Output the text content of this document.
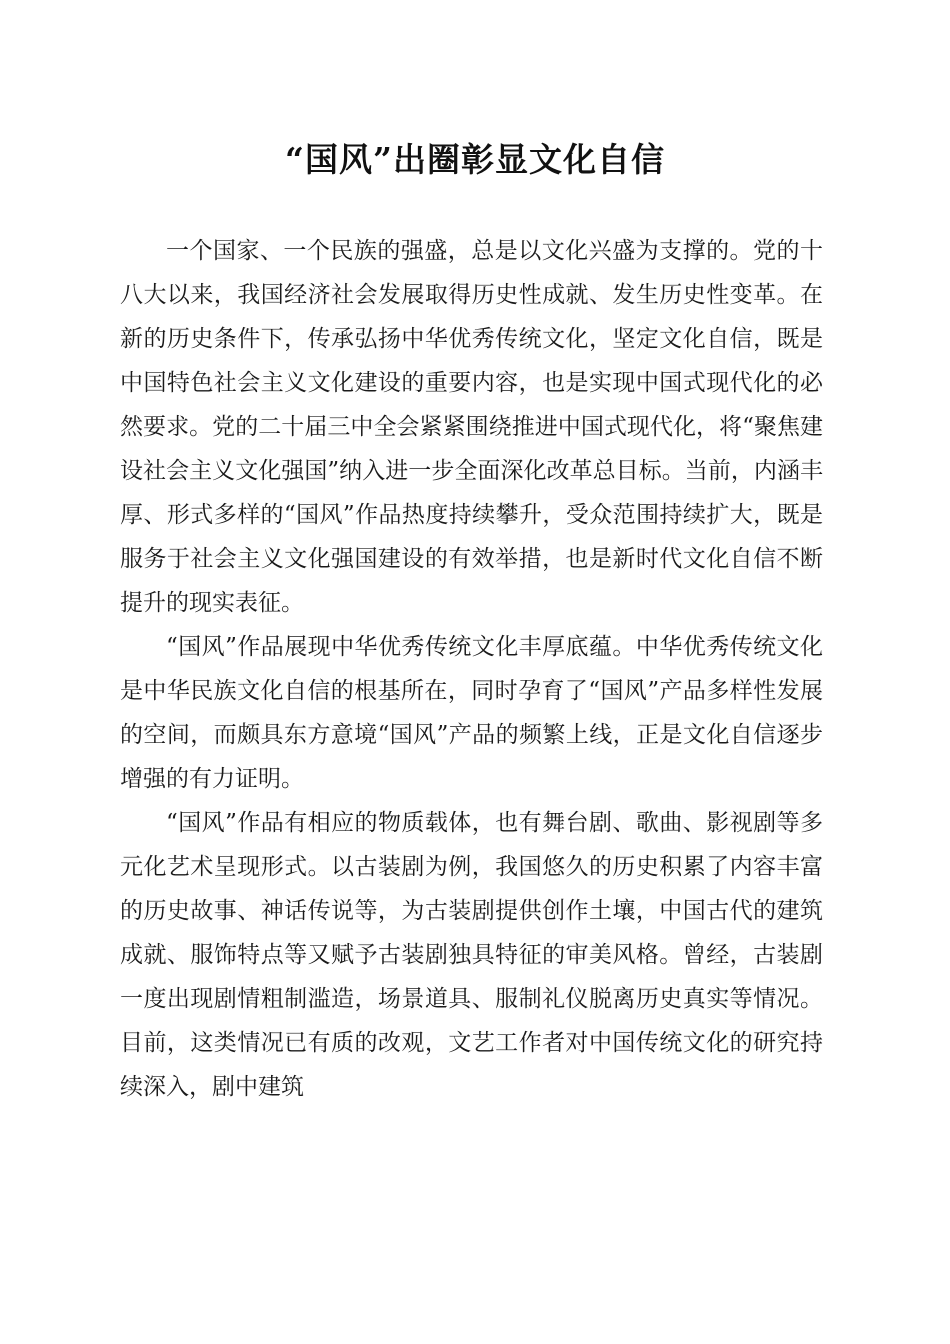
“国风”出圈彰显文化自信

一个国家、一个民族的强盛，总是以文化兴盛为支撑的。党的十八大以来，我国经济社会发展取得历史性成就、发生历史性变革。在新的历史条件下，传承弘扬中华优秀传统文化，坚定文化自信，既是中国特色社会主义文化建设的重要内容，也是实现中国式现代化的必然要求。党的二十届三中全会紧紧围绕推进中国式现代化，将“聚焦建设社会主义文化强国”纳入进一步全面深化改革总目标。当前，内涵丰厚、形式多样的“国风”作品热度持续攀升，受众范围持续扩大，既是服务于社会主义文化强国建设的有效举措，也是新时代文化自信不断提升的现实表征。

“国风”作品展现中华优秀传统文化丰厚底蕴。中华优秀传统文化是中华民族文化自信的根基所在，同时孕育了“国风”产品多样性发展的空间，而颇具东方意境“国风”产品的频繁上线，正是文化自信逐步增强的有力证明。

“国风”作品有相应的物质载体，也有舞台剧、歌曲、影视剧等多元化艺术呈现形式。以古装剧为例，我国悠久的历史积累了内容丰富的历史故事、神话传说等，为古装剧提供创作土壤，中国古代的建筑成就、服饰特点等又赋予古装剧独具特征的审美风格。曾经，古装剧一度出现剧情粗制滥造，场景道具、服制礼仪脱离历史真实等情况。目前，这类情况已有质的改观，文艺工作者对中国传统文化的研究持续深入，剧中建筑
